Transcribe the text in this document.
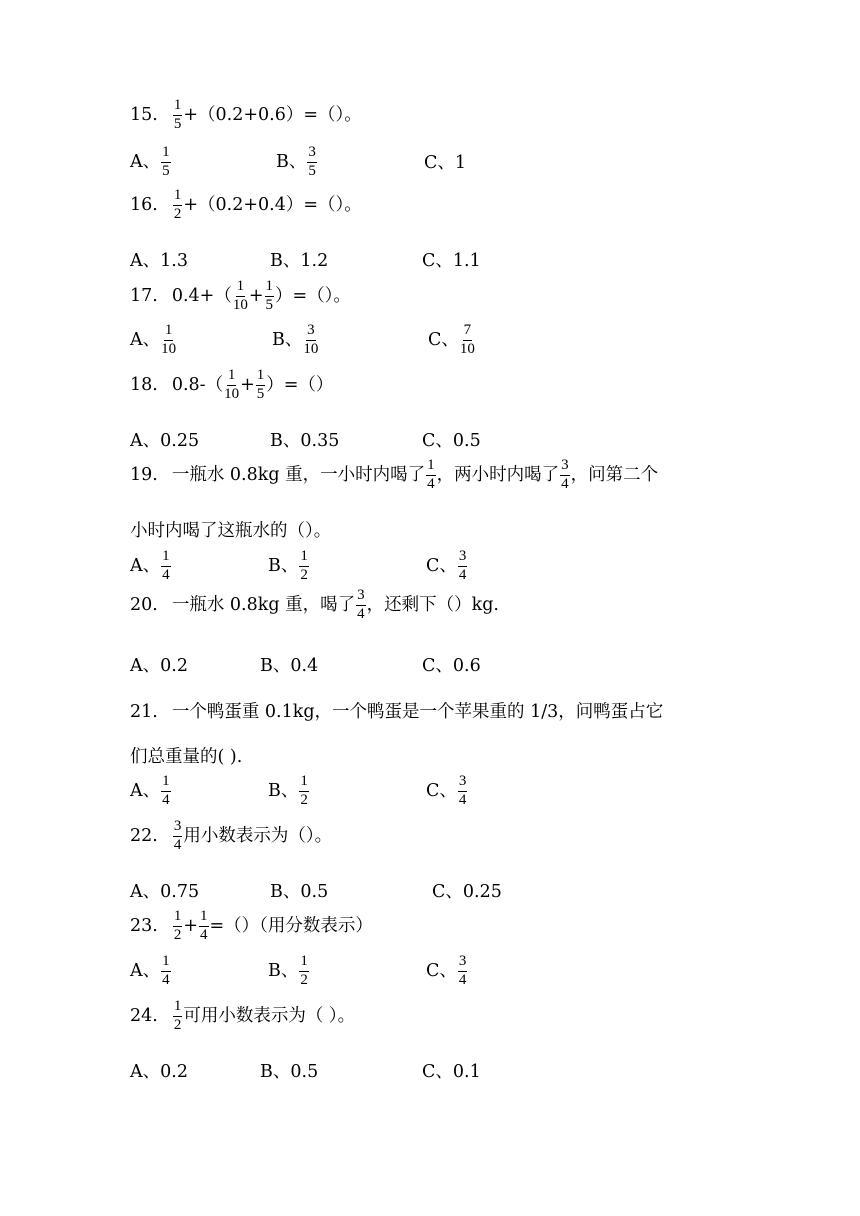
15. $\frac{1}{5} +(0.2+0.6)=()$。
A、 $\frac{1}{5}$	B、 $\frac{3}{5}$	C、1
16. $\frac{1}{2} +(0.2+0.4)=()$。
A、1.3	B、1.2	C、1.1
17. $0.4+( \frac{1}{10} + \frac{1}{5}$ ）=（）。
A、 $\frac{1}{10}$	B、 $\frac{3}{10}$	C、 $\frac{7}{10}$
18. $0.8-( \frac{1}{10} + \frac{1}{5}$ ）=（）
A、0.25	B、0.35	C、0.5
19. 一瓶水 0.8kg 重，一小时内喝了 $\frac{1}{4}$ ，两小时内喝了 $\frac{3}{4}$ ，问第二个
小时内喝了这瓶水的（）。
A、 $\frac{1}{4}$	B、 $\frac{1}{2}$	C、 $\frac{3}{4}$
20. 一瓶水 0.8kg 重，喝了 $\frac{3}{4}$ ，还剩下（）kg.
A、0.2	B、0.4	C、0.6
21. 一个鸭蛋重 0.1kg，一个鸭蛋是一个苹果重的 1/3，问鸭蛋占它
们总重量的( ).
A、 $\frac{1}{4}$	B、 $\frac{1}{2}$	C、 $\frac{3}{4}$
22. $\frac{3}{4}$ 用小数表示为（）。
A、0.75	B、0.5	C、0.25
23. $\frac{1}{2} + \frac{1}{4}$ =（）（用分数表示）
A、 $\frac{1}{4}$	B、 $\frac{1}{2}$	C、 $\frac{3}{4}$
24. $\frac{1}{2}$ 可用小数表示为（ ）。
A、0.2	B、0.5	C、0.1
